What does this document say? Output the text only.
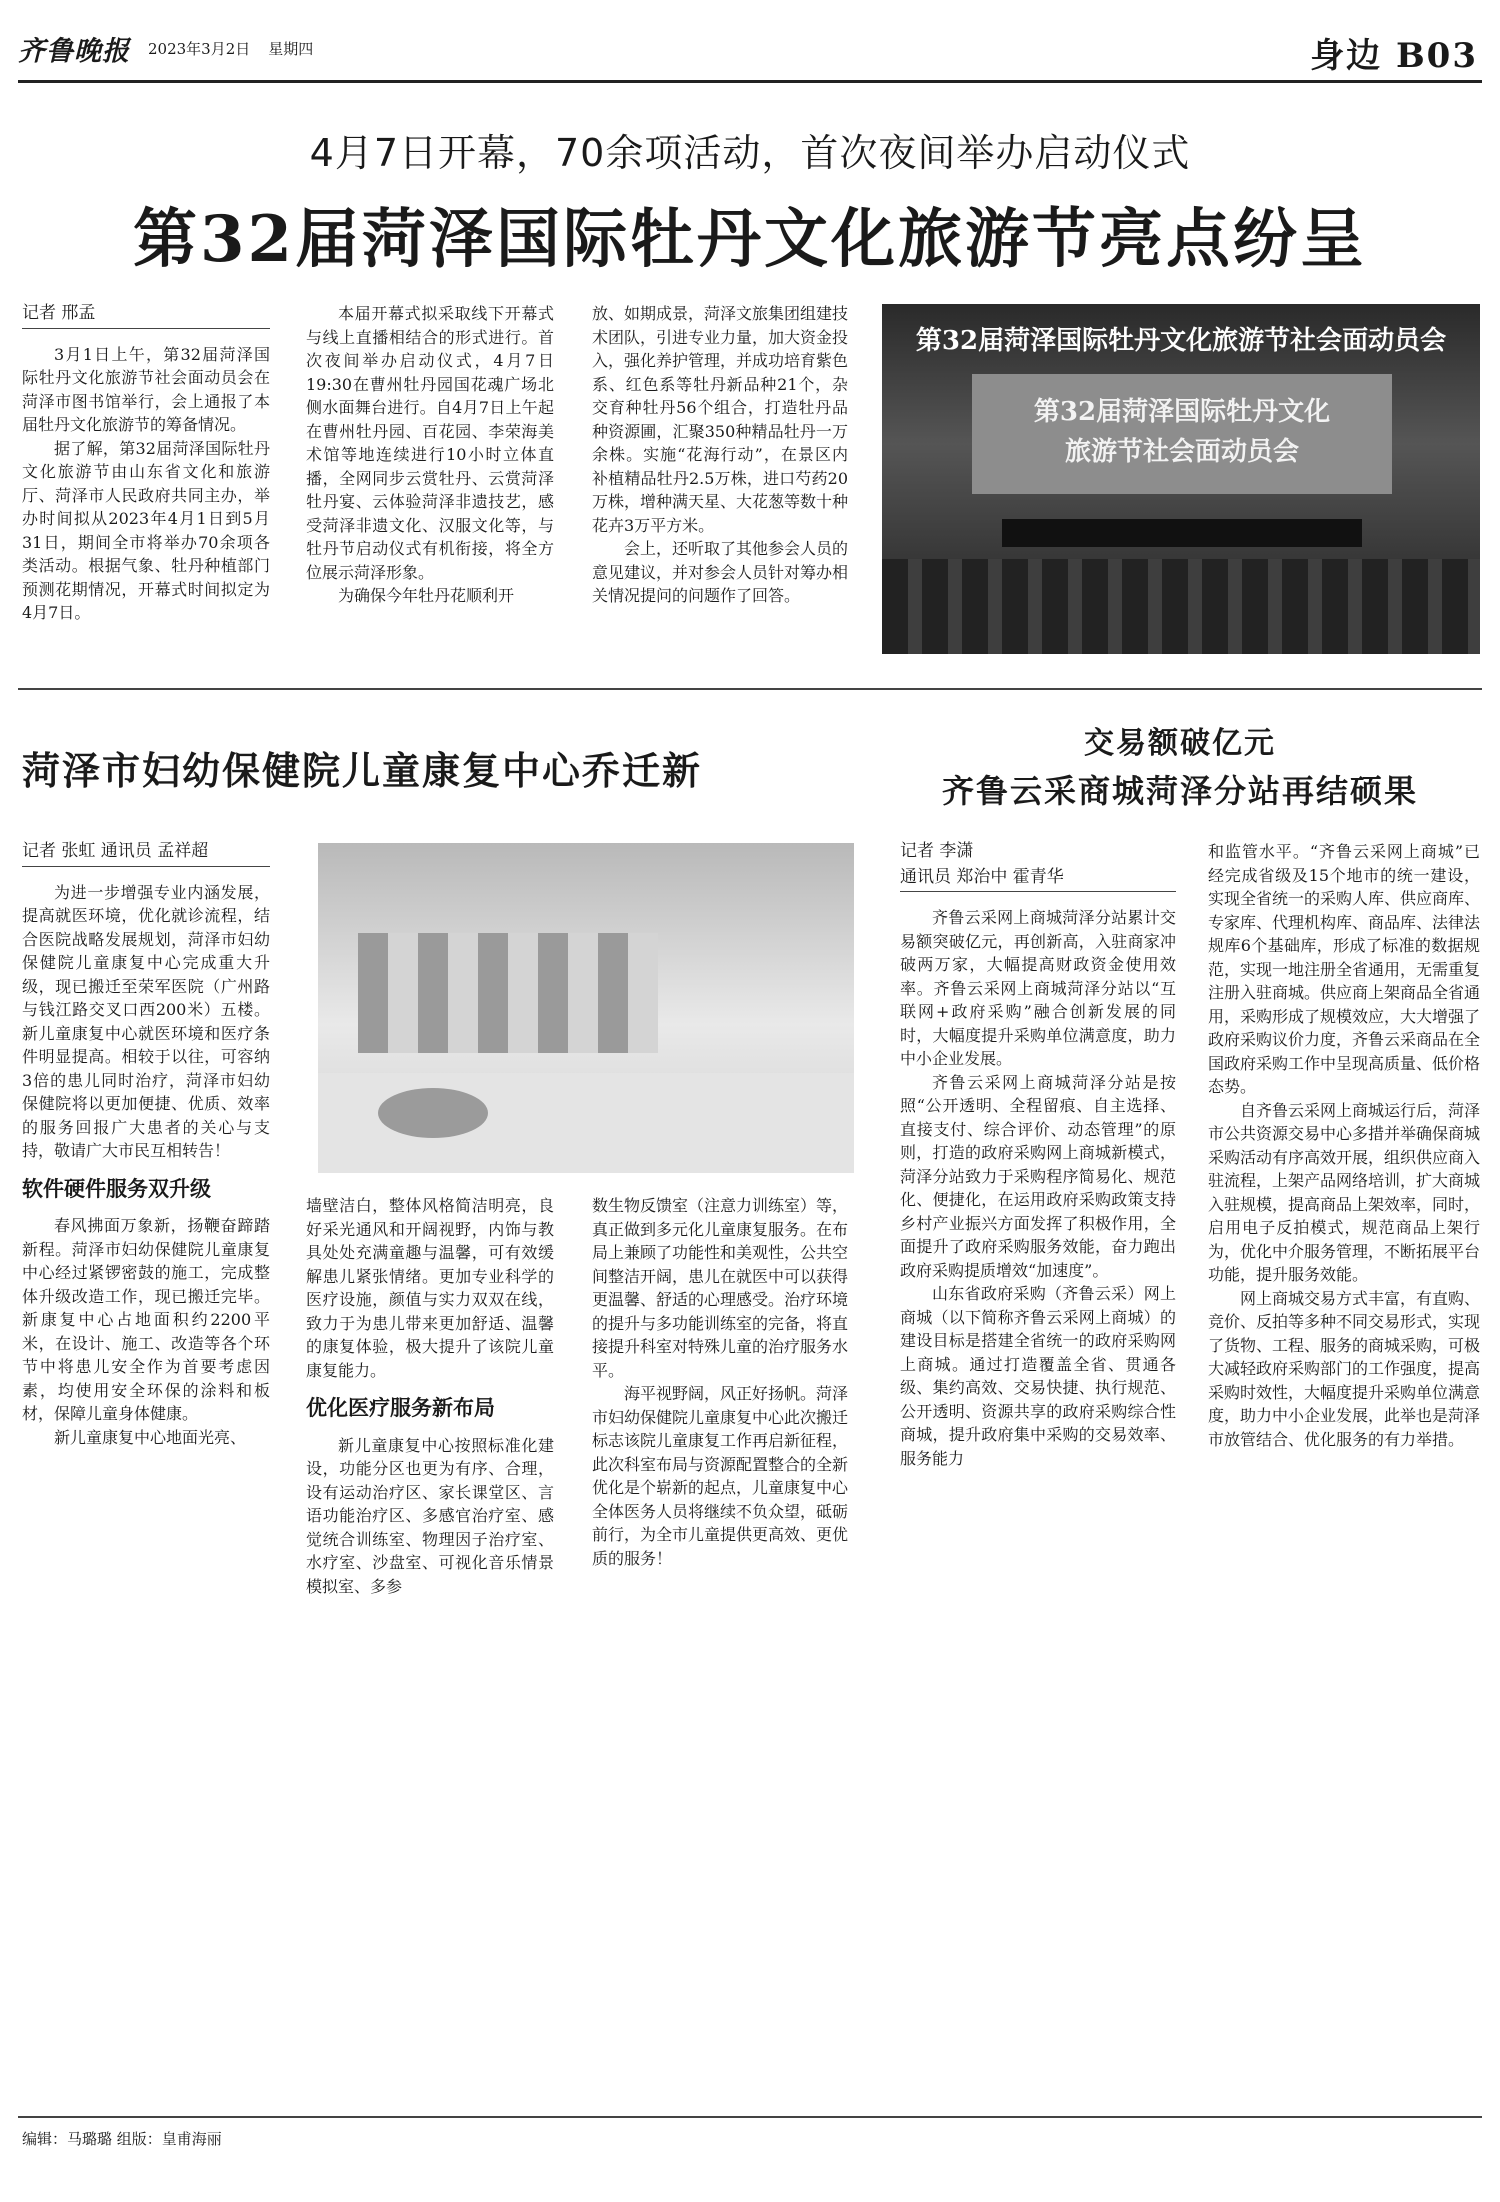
齐鲁晚报 2023年3月2日 星期四	身边 B03
4月7日开幕，70余项活动，首次夜间举办启动仪式
第32届菏泽国际牡丹文化旅游节亮点纷呈
记者 邢孟

3月1日上午，第32届菏泽国际牡丹文化旅游节社会面动员会在菏泽市图书馆举行，会上通报了本届牡丹文化旅游节的筹备情况。

据了解，第32届菏泽国际牡丹文化旅游节由山东省文化和旅游厅、菏泽市人民政府共同主办，举办时间拟从2023年4月1日到5月31日，期间全市将举办70余项各类活动。根据气象、牡丹种植部门预测花期情况，开幕式时间拟定为4月7日。

本届开幕式拟采取线下开幕式与线上直播相结合的形式进行。首次夜间举办启动仪式，4月7日19:30在曹州牡丹园国花魂广场北侧水面舞台进行。自4月7日上午起在曹州牡丹园、百花园、李荣海美术馆等地连续进行10小时立体直播，全网同步云赏牡丹、云赏菏泽牡丹宴、云体验菏泽非遗技艺，感受菏泽非遗文化、汉服文化等，与牡丹节启动仪式有机衔接，将全方位展示菏泽形象。

为确保今年牡丹花顺利开

放、如期成景，菏泽文旅集团组建技术团队，引进专业力量，加大资金投入，强化养护管理，并成功培育紫色系、红色系等牡丹新品种21个，杂交育种牡丹56个组合，打造牡丹品种资源圃，汇聚350种精品牡丹一万余株。实施“花海行动”，在景区内补植精品牡丹2.5万株，进口芍药20万株，增种满天星、大花葱等数十种花卉3万平方米。

会上，还听取了其他参会人员的意见建议，并对参会人员针对筹办相关情况提问的问题作了回答。

第32届菏泽国际牡丹文化旅游节社会面动员会
第32届菏泽国际牡丹文化
旅游节社会面动员会
菏泽市妇幼保健院儿童康复中心乔迁新
记者 张虹 通讯员 孟祥超

为进一步增强专业内涵发展，提高就医环境，优化就诊流程，结合医院战略发展规划，菏泽市妇幼保健院儿童康复中心完成重大升级，现已搬迁至荣军医院（广州路与钱江路交叉口西200米）五楼。新儿童康复中心就医环境和医疗条件明显提高。相较于以往，可容纳3倍的患儿同时治疗，菏泽市妇幼保健院将以更加便捷、优质、效率的服务回报广大患者的关心与支持，敬请广大市民互相转告！

软件硬件服务双升级

春风拂面万象新，扬鞭奋蹄踏新程。菏泽市妇幼保健院儿童康复中心经过紧锣密鼓的施工，完成整体升级改造工作，现已搬迁完毕。新康复中心占地面积约2200平米，在设计、施工、改造等各个环节中将患儿安全作为首要考虑因素，均使用安全环保的涂料和板材，保障儿童身体健康。

新儿童康复中心地面光亮、

墙壁洁白，整体风格简洁明亮，良好采光通风和开阔视野，内饰与教具处处充满童趣与温馨，可有效缓解患儿紧张情绪。更加专业科学的医疗设施，颜值与实力双双在线，致力于为患儿带来更加舒适、温馨的康复体验，极大提升了该院儿童康复能力。

优化医疗服务新布局

新儿童康复中心按照标准化建设，功能分区也更为有序、合理，设有运动治疗区、家长课堂区、言语功能治疗区、多感官治疗室、感觉统合训练室、物理因子治疗室、水疗室、沙盘室、可视化音乐情景模拟室、多参

数生物反馈室（注意力训练室）等，真正做到多元化儿童康复服务。在布局上兼顾了功能性和美观性，公共空间整洁开阔，患儿在就医中可以获得更温馨、舒适的心理感受。治疗环境的提升与多功能训练室的完备，将直接提升科室对特殊儿童的治疗服务水平。

海平视野阔，风正好扬帆。菏泽市妇幼保健院儿童康复中心此次搬迁标志该院儿童康复工作再启新征程，此次科室布局与资源配置整合的全新优化是个崭新的起点，儿童康复中心全体医务人员将继续不负众望，砥砺前行，为全市儿童提供更高效、更优质的服务！

交易额破亿元
齐鲁云采商城菏泽分站再结硕果
记者 李潇
通讯员 郑治中 霍青华

齐鲁云采网上商城菏泽分站累计交易额突破亿元，再创新高，入驻商家冲破两万家，大幅提高财政资金使用效率。齐鲁云采网上商城菏泽分站以“互联网+政府采购”融合创新发展的同时，大幅度提升采购单位满意度，助力中小企业发展。

齐鲁云采网上商城菏泽分站是按照“公开透明、全程留痕、自主选择、直接支付、综合评价、动态管理”的原则，打造的政府采购网上商城新模式，菏泽分站致力于采购程序简易化、规范化、便捷化，在运用政府采购政策支持乡村产业振兴方面发挥了积极作用，全面提升了政府采购服务效能，奋力跑出政府采购提质增效“加速度”。

山东省政府采购（齐鲁云采）网上商城（以下简称齐鲁云采网上商城）的建设目标是搭建全省统一的政府采购网上商城。通过打造覆盖全省、贯通各级、集约高效、交易快捷、执行规范、公开透明、资源共享的政府采购综合性商城，提升政府集中采购的交易效率、服务能力

和监管水平。“齐鲁云采网上商城”已经完成省级及15个地市的统一建设，实现全省统一的采购人库、供应商库、专家库、代理机构库、商品库、法律法规库6个基础库，形成了标准的数据规范，实现一地注册全省通用，无需重复注册入驻商城。供应商上架商品全省通用，采购形成了规模效应，大大增强了政府采购议价力度，齐鲁云采商品在全国政府采购工作中呈现高质量、低价格态势。

自齐鲁云采网上商城运行后，菏泽市公共资源交易中心多措并举确保商城采购活动有序高效开展，组织供应商入驻流程，上架产品网络培训，扩大商城入驻规模，提高商品上架效率，同时，启用电子反拍模式，规范商品上架行为，优化中介服务管理，不断拓展平台功能，提升服务效能。

网上商城交易方式丰富，有直购、竞价、反拍等多种不同交易形式，实现了货物、工程、服务的商城采购，可极大减轻政府采购部门的工作强度，提高采购时效性，大幅度提升采购单位满意度，助力中小企业发展，此举也是菏泽市放管结合、优化服务的有力举措。

编辑：马璐璐 组版：皇甫海丽
